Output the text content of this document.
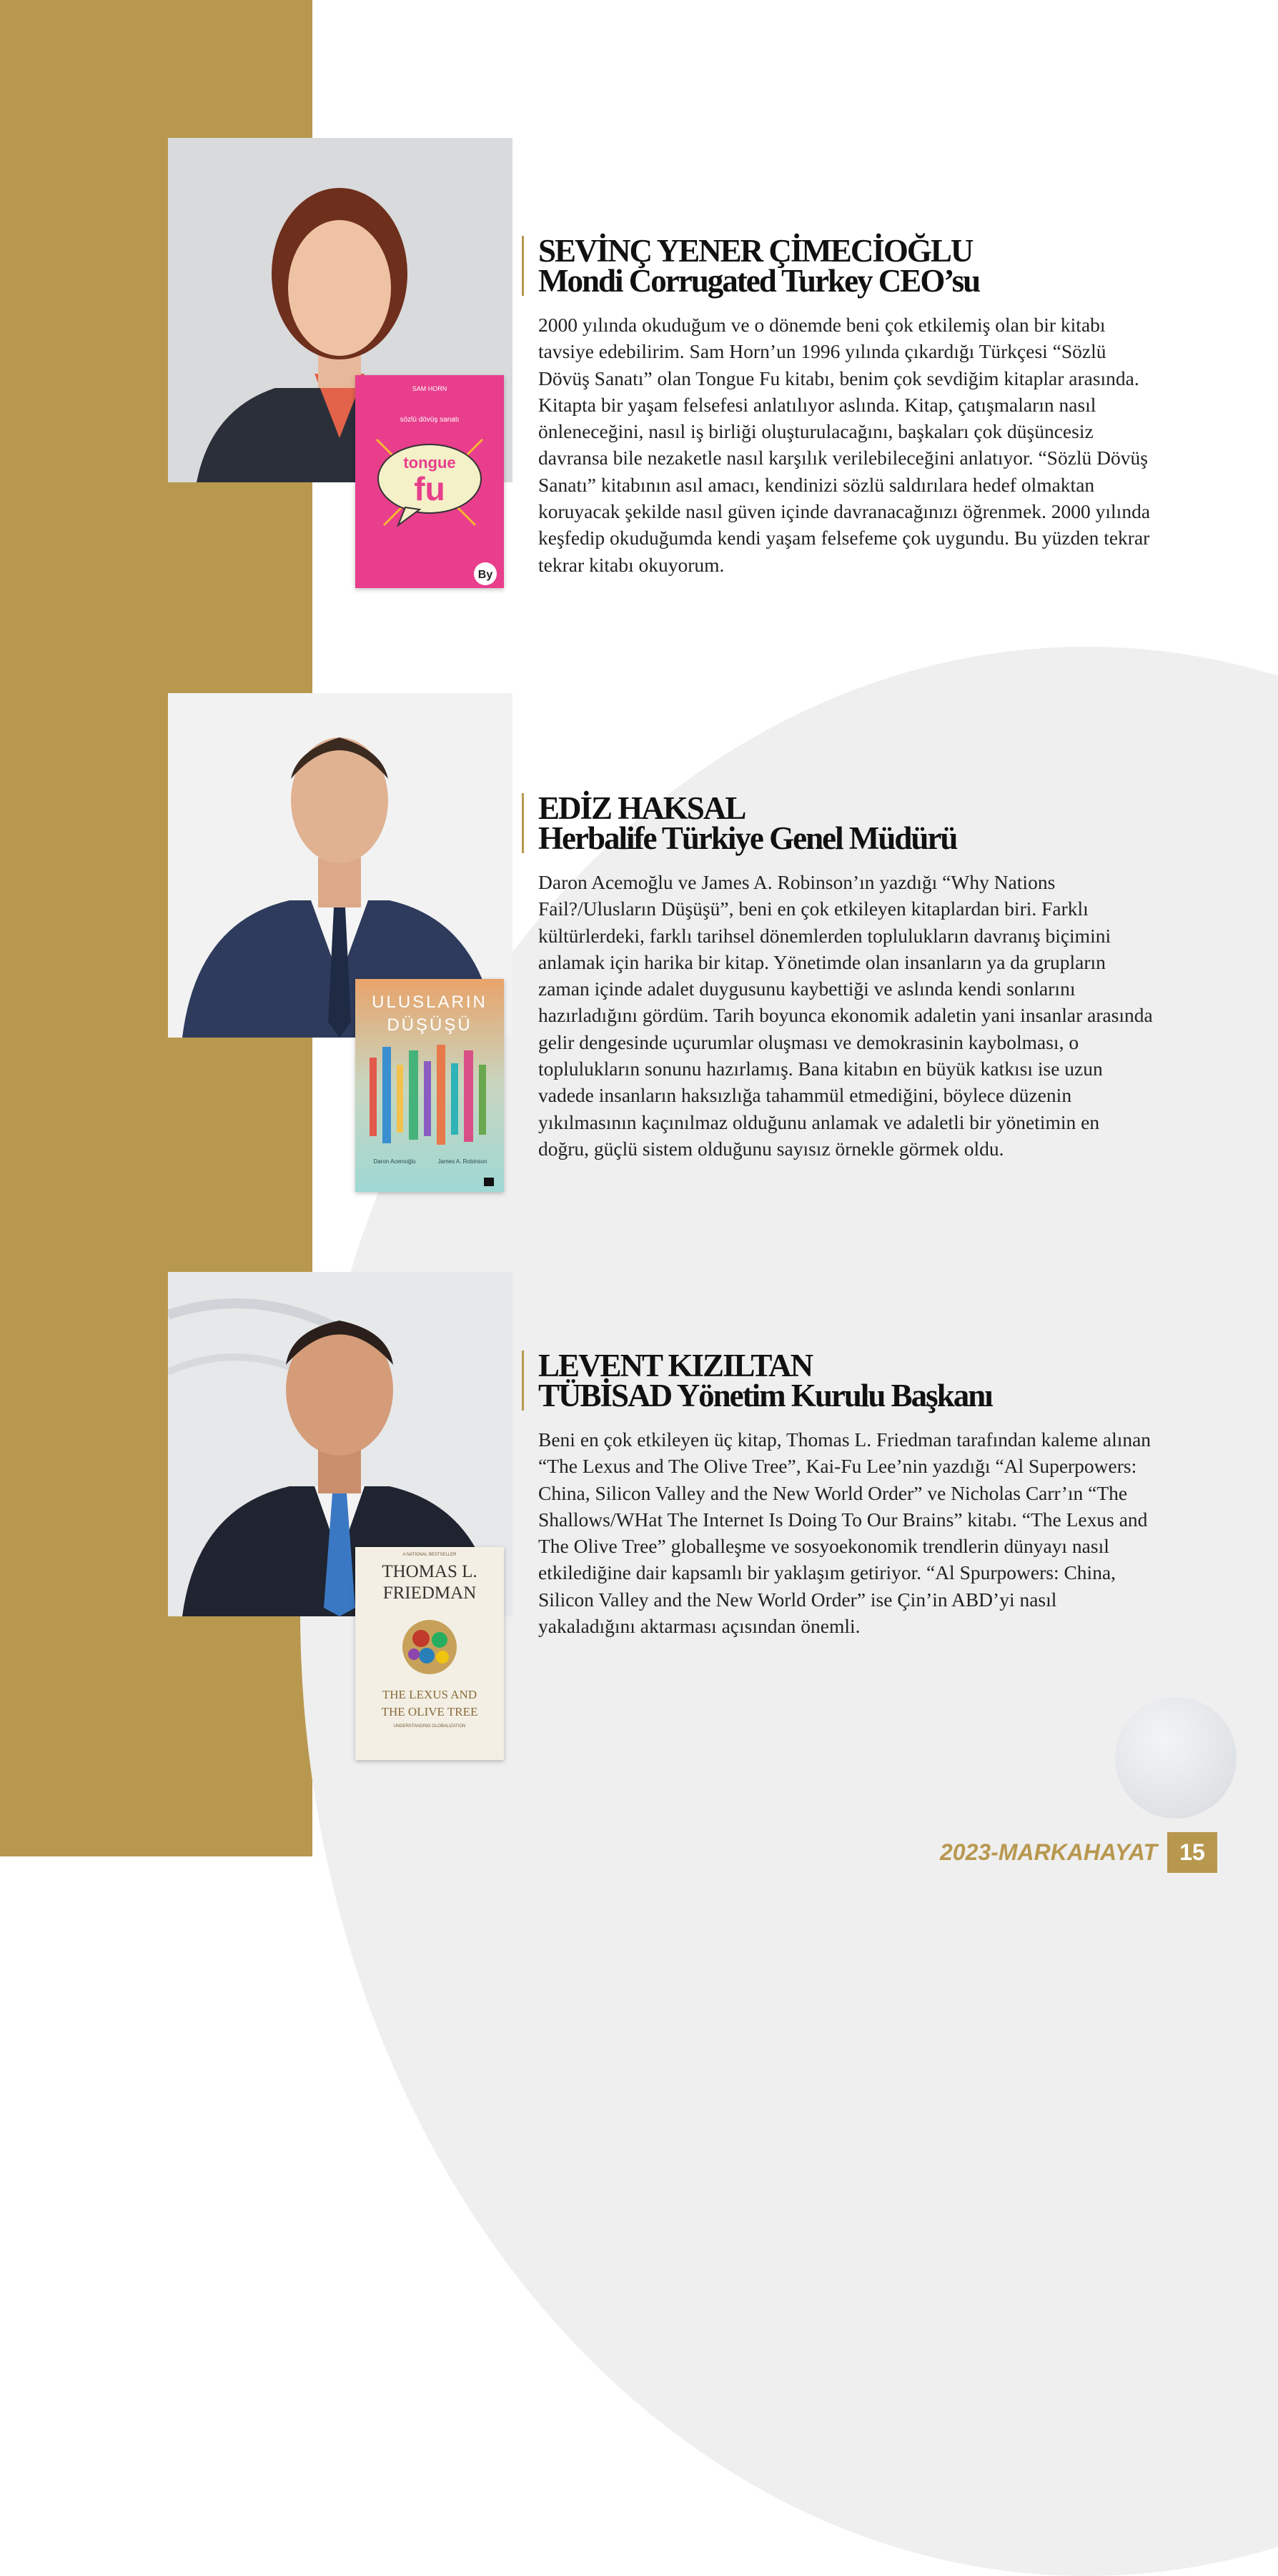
SAM HORN
sözlü dövüş sanatı
tongue
fu
By
SEVİNÇ YENER ÇİMECİOĞLU
Mondi Corrugated Turkey CEO’su
2000 yılında okuduğum ve o dönemde beni çok etkilemiş olan bir kitabı tavsiye edebilirim. Sam Horn’un 1996 yılında çıkardığı Türkçesi “Sözlü Dövüş Sanatı” olan Tongue Fu kitabı, benim çok sevdiğim kitaplar arasında. Kitapta bir yaşam felsefesi anlatılıyor aslında. Kitap, çatışmaların nasıl önleneceğini, nasıl iş birliği oluşturulacağını, başkaları çok düşüncesiz davransa bile nezaketle nasıl karşılık verilebileceğini anlatıyor. “Sözlü Dövüş Sanatı” kitabının asıl amacı, kendinizi sözlü saldırılara hedef olmaktan koruyacak şekilde nasıl güven içinde davranacağınızı öğrenmek. 2000 yılında keşfedip okuduğumda kendi yaşam felsefeme çok uygundu. Bu yüzden tekrar tekrar kitabı okuyorum.
ULUSLARIN
DÜŞÜŞÜ
Daron Acemoğlu	James A. Robinson
EDİZ HAKSAL
Herbalife Türkiye Genel Müdürü
Daron Acemoğlu ve James A. Robinson’ın yazdığı “Why Nations Fail?/Ulusların Düşüşü”, beni en çok etkileyen kitaplardan biri. Farklı kültürlerdeki, farklı tarihsel dönemlerden toplulukların davranış biçimini anlamak için harika bir kitap. Yönetimde olan insanların ya da grupların zaman içinde adalet duygusunu kaybettiği ve aslında kendi sonlarını hazırladığını gördüm. Tarih boyunca ekonomik adaletin yani insanlar arasında gelir dengesinde uçurumlar oluşması ve demokrasinin kaybolması, o toplulukların sonunu hazırlamış. Bana kitabın en büyük katkısı ise uzun vadede insanların haksızlığa tahammül etmediğini, böylece düzenin yıkılmasının kaçınılmaz olduğunu anlamak ve adaletli bir yönetimin en doğru, güçlü sistem olduğunu sayısız örnekle görmek oldu.
A NATIONAL BESTSELLER
THOMAS L.
FRIEDMAN
THE LEXUS AND
THE OLIVE TREE
UNDERSTANDING GLOBALIZATION
LEVENT KIZILTAN
TÜBİSAD Yönetim Kurulu Başkanı
Beni en çok etkileyen üç kitap, Thomas L. Friedman tarafından kaleme alınan “The Lexus and The Olive Tree”, Kai-Fu Lee’nin yazdığı “Al Superpowers: China, Silicon Valley and the New World Order” ve Nicholas Carr’ın “The Shallows/WHat The Internet Is Doing To Our Brains” kitabı. “The Lexus and The Olive Tree” globalleşme ve sosyoekonomik trendlerin dünyayı nasıl etkilediğine dair kapsamlı bir yaklaşım getiriyor. “Al Spurpowers: China, Silicon Valley and the New World Order” ise Çin’in ABD’yi nasıl yakaladığını aktarması açısından önemli.
2023-MARKAHAYAT 15
